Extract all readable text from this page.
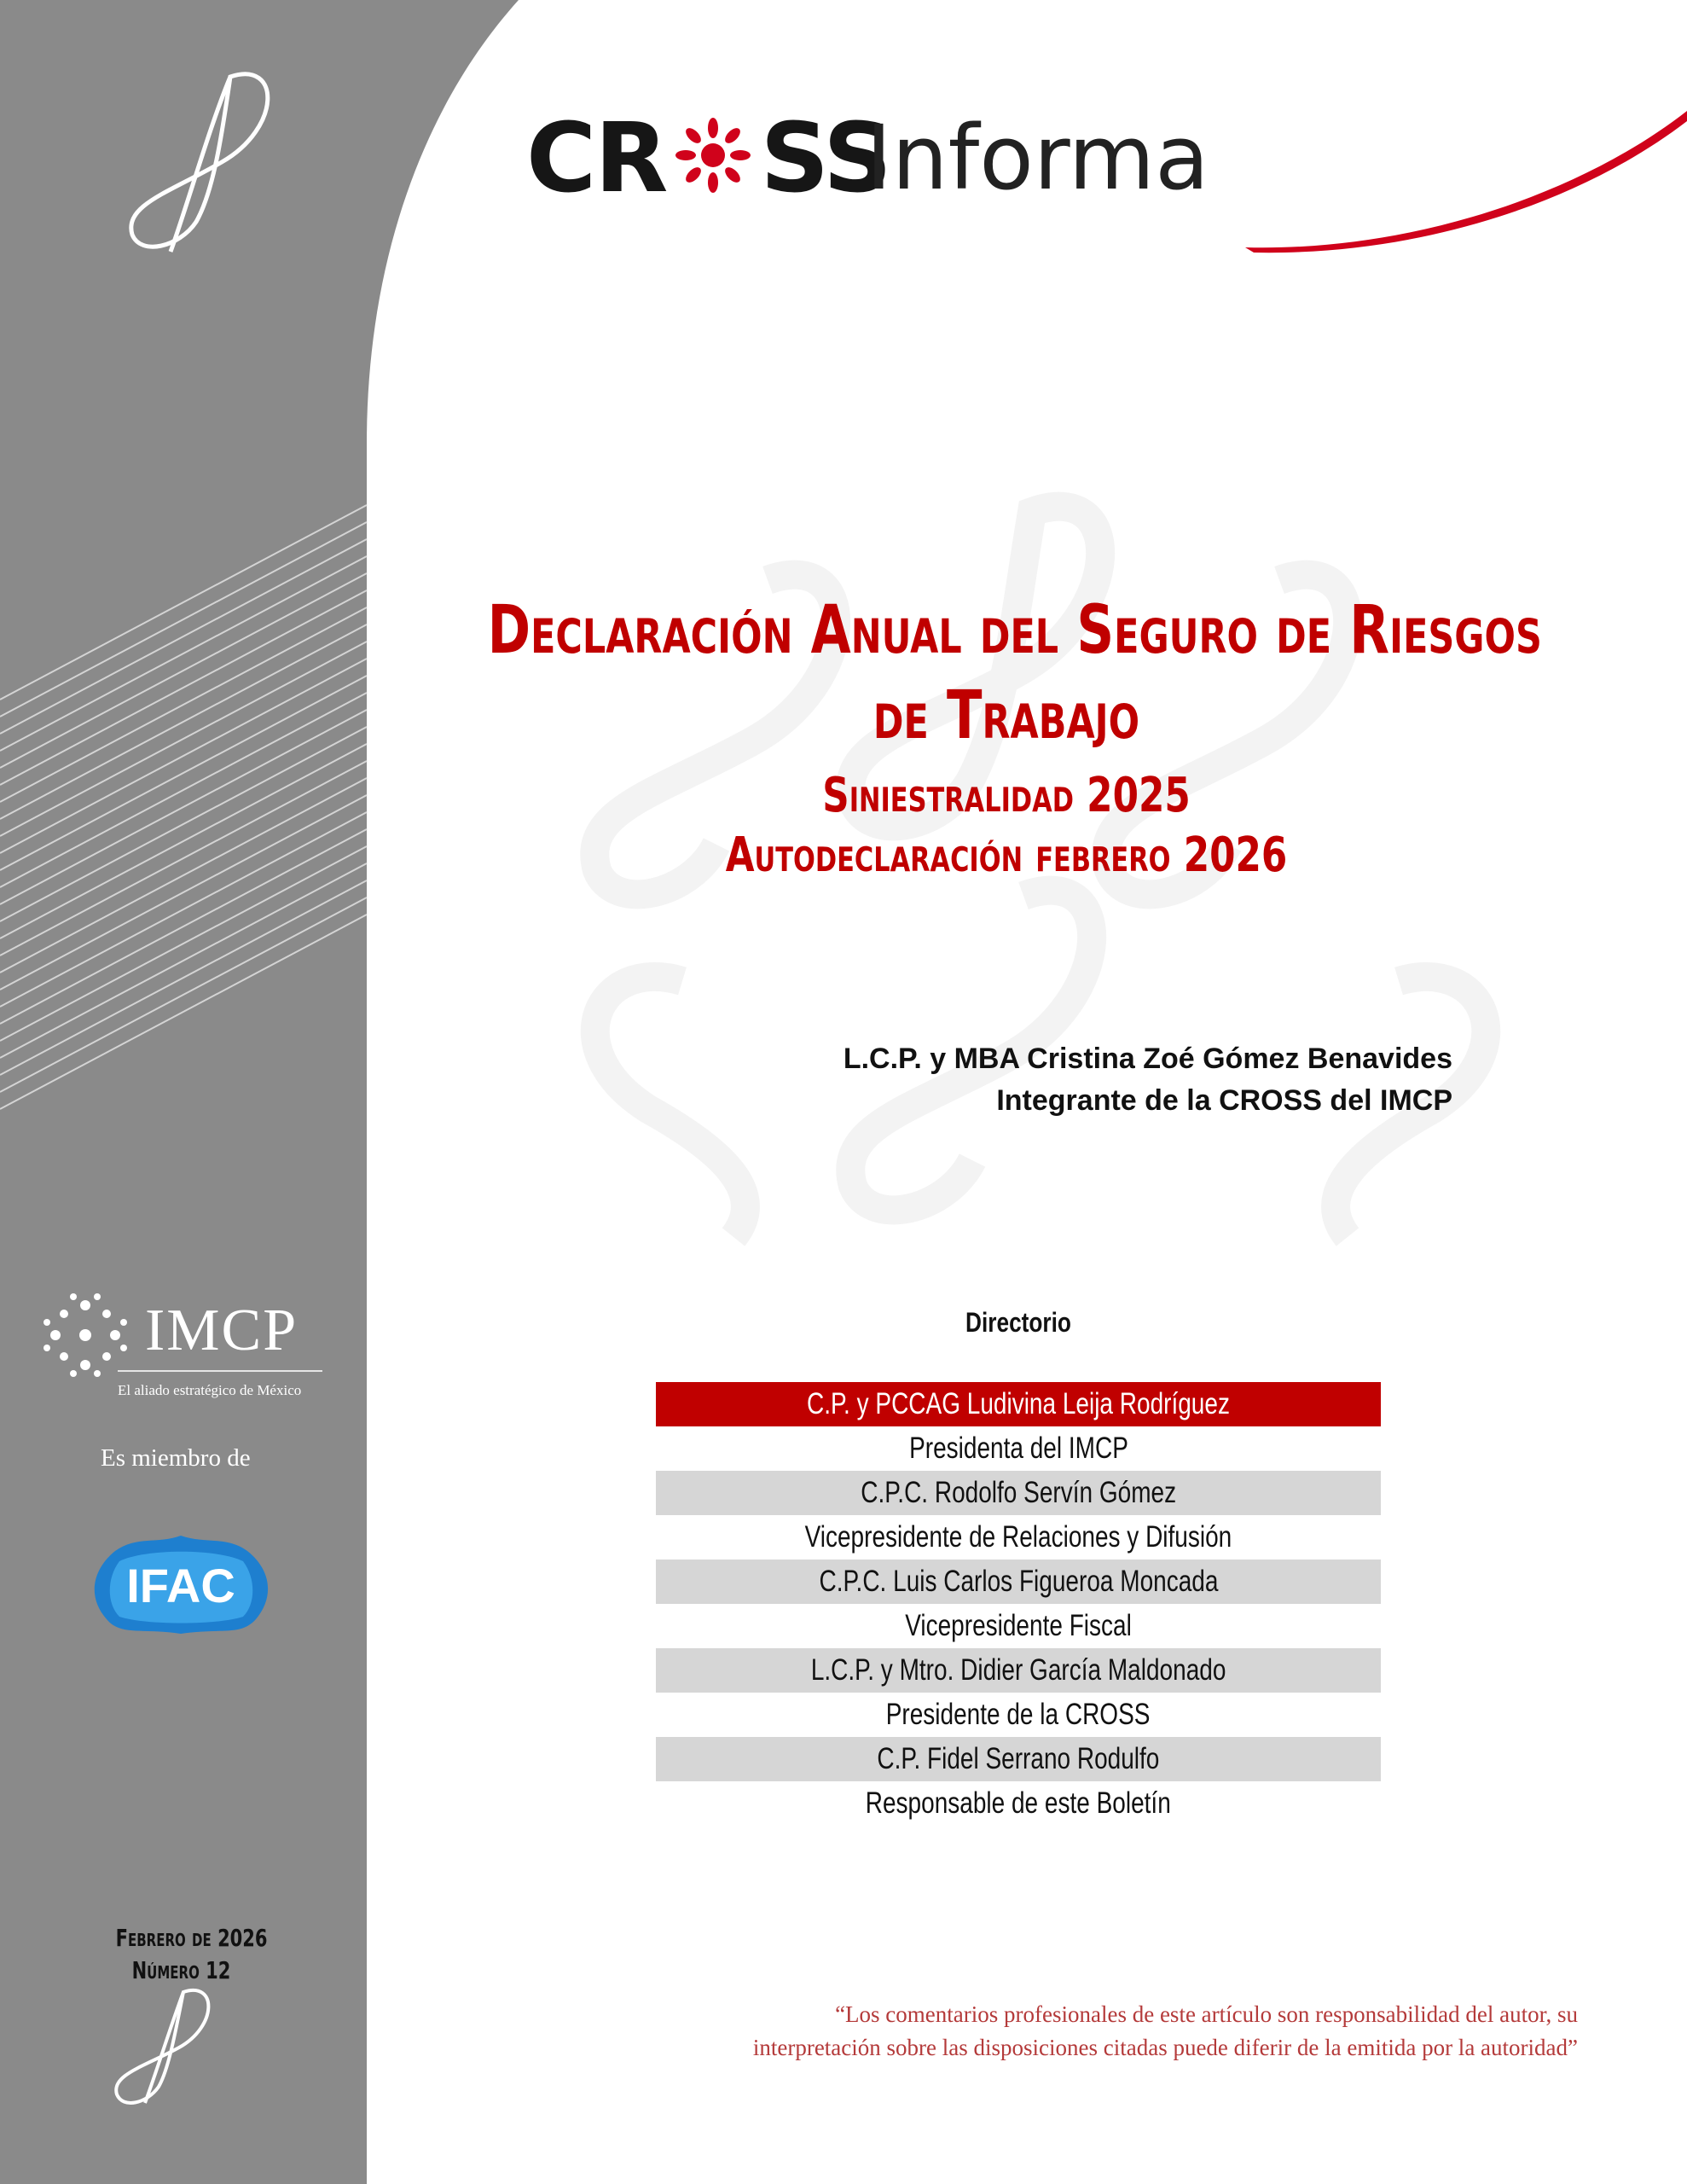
IFAC
CR SS
Informa
Declaración Anual del Seguro de Riesgos
de Trabajo
Siniestralidad 2025
Autodeclaración febrero 2026
L.C.P. y MBA Cristina Zoé Gómez Benavides
Integrante de la CROSS del IMCP
Directorio
C.P. y PCCAG Ludivina Leija Rodríguez
Presidenta del IMCP
C.P.C. Rodolfo Servín Gómez
Vicepresidente de Relaciones y Difusión
C.P.C. Luis Carlos Figueroa Moncada
Vicepresidente Fiscal
L.C.P. y Mtro. Didier García Maldonado
Presidente de la CROSS
C.P. Fidel Serrano Rodulfo
Responsable de este Boletín
IMCP
El aliado estratégico de México
Es miembro de
Febrero de 2026
Número 12
“Los comentarios profesionales de este artículo son responsabilidad del autor, su
interpretación sobre las disposiciones citadas puede diferir de la emitida por la autoridad”
